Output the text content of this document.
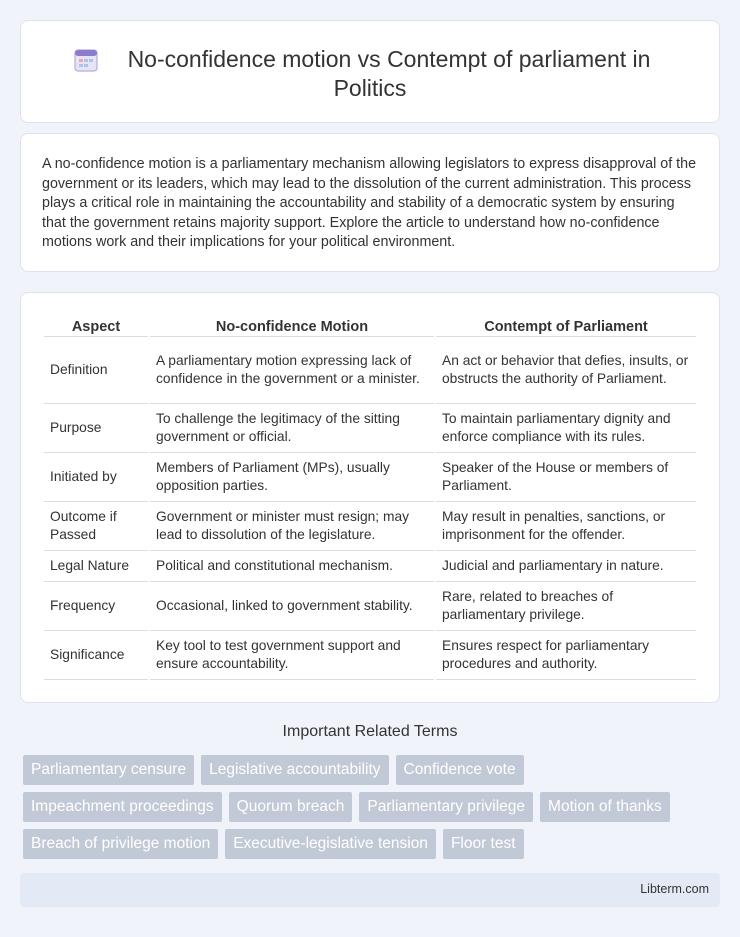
No-confidence motion vs Contempt of parliament in
Politics

A no-confidence motion is a parliamentary mechanism allowing legislators to express disapproval of the government or its leaders, which may lead to the dissolution of the current administration. This process plays a critical role in maintaining the accountability and stability of a democratic system by ensuring that the government retains majority support. Explore the article to understand how no-confidence motions work and their implications for your political environment.

Aspect	No-confidence Motion	Contempt of Parliament
Definition	A parliamentary motion expressing lack of confidence in the government or a minister.	An act or behavior that defies, insults, or obstructs the authority of Parliament.
Purpose	To challenge the legitimacy of the sitting government or official.	To maintain parliamentary dignity and enforce compliance with its rules.
Initiated by	Members of Parliament (MPs), usually opposition parties.	Speaker of the House or members of Parliament.
Outcome if Passed	Government or minister must resign; may lead to dissolution of the legislature.	May result in penalties, sanctions, or imprisonment for the offender.
Legal Nature	Political and constitutional mechanism.	Judicial and parliamentary in nature.
Frequency	Occasional, linked to government stability.	Rare, related to breaches of parliamentary privilege.
Significance	Key tool to test government support and ensure accountability.	Ensures respect for parliamentary procedures and authority.
Important Related Terms
Parliamentary censure	Legislative accountability	Confidence vote
Impeachment proceedings	Quorum breach	Parliamentary privilege	Motion of thanks
Breach of privilege motion	Executive-legislative tension	Floor test
Libterm.com
